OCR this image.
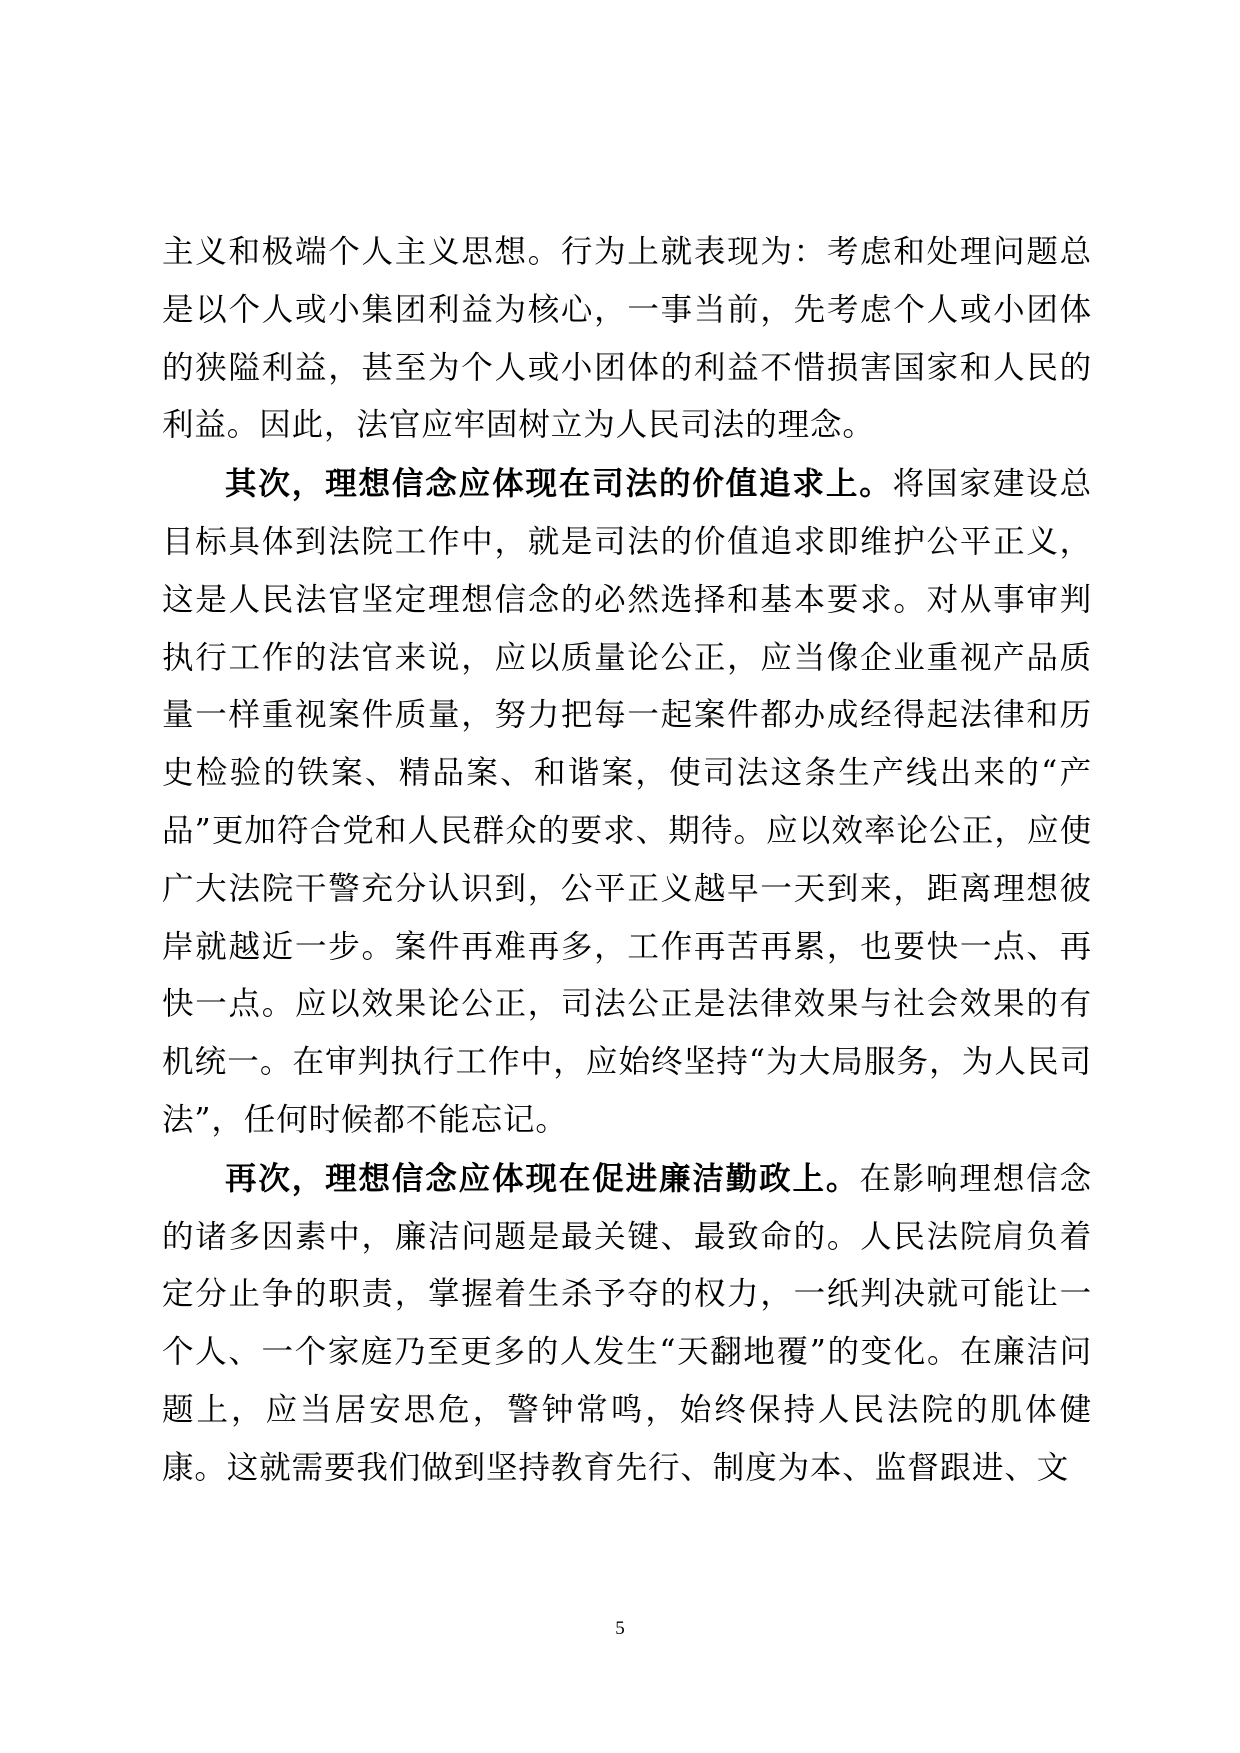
主义和极端个人主义思想。行为上就表现为：考虑和处理问题总是以个人或小集团利益为核心，一事当前，先考虑个人或小团体的狭隘利益，甚至为个人或小团体的利益不惜损害国家和人民的利益。因此，法官应牢固树立为人民司法的理念。

其次，理想信念应体现在司法的价值追求上。将国家建设总目标具体到法院工作中，就是司法的价值追求即维护公平正义，这是人民法官坚定理想信念的必然选择和基本要求。对从事审判执行工作的法官来说，应以质量论公正，应当像企业重视产品质量一样重视案件质量，努力把每一起案件都办成经得起法律和历史检验的铁案、精品案、和谐案，使司法这条生产线出来的“产品”更加符合党和人民群众的要求、期待。应以效率论公正，应使广大法院干警充分认识到，公平正义越早一天到来，距离理想彼岸就越近一步。案件再难再多，工作再苦再累，也要快一点、再快一点。应以效果论公正，司法公正是法律效果与社会效果的有机统一。在审判执行工作中，应始终坚持“为大局服务，为人民司法”，任何时候都不能忘记。

再次，理想信念应体现在促进廉洁勤政上。在影响理想信念的诸多因素中，廉洁问题是最关键、最致命的。人民法院肩负着定分止争的职责，掌握着生杀予夺的权力，一纸判决就可能让一个人、一个家庭乃至更多的人发生“天翻地覆”的变化。在廉洁问题上，应当居安思危，警钟常鸣，始终保持人民法院的肌体健康。这就需要我们做到坚持教育先行、制度为本、监督跟进、文

5
